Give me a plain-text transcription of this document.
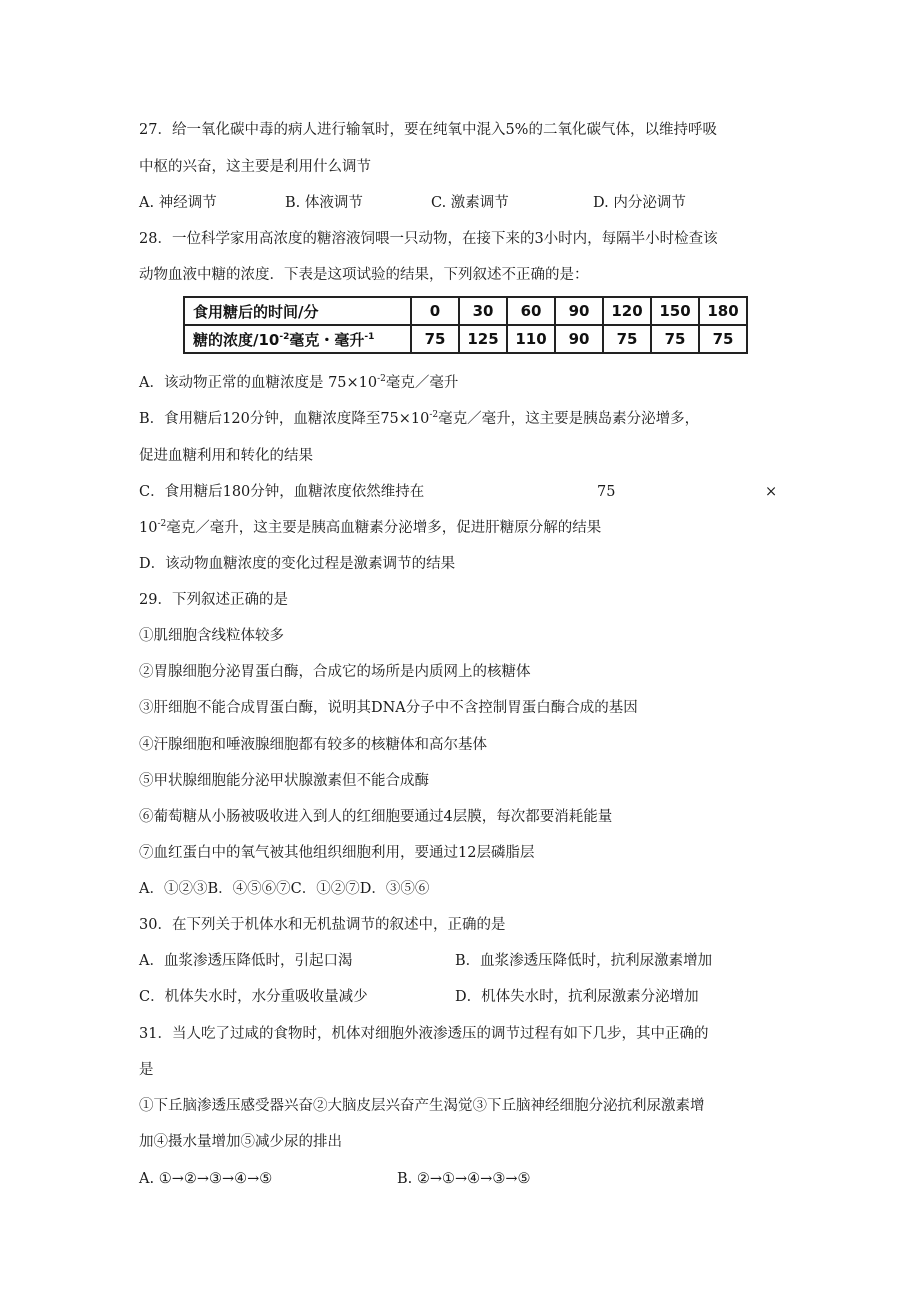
27．给一氧化碳中毒的病人进行输氧时，要在纯氧中混入5%的二氧化碳气体，以维持呼吸
中枢的兴奋，这主要是利用什么调节
A. 神经调节	B. 体液调节	C. 激素调节	D. 内分泌调节
28．一位科学家用高浓度的糖溶液饲喂一只动物，在接下来的3小时内，每隔半小时检查该
动物血液中糖的浓度．下表是这项试验的结果，下列叙述不正确的是：
食用糖后的时间/分	0	30	60	90	120	150	180
糖的浓度$/10^{-2}$毫克・毫升$^{-1}$	75	125	110	90	75	75	75
A．该动物正常的血糖浓度是 $75\times 10^{-2}$毫克／毫升
B．食用糖后120分钟，血糖浓度降至$75\times 10^{-2}$毫克／毫升，这主要是胰岛素分泌增多，
促进血糖利用和转化的结果
C．食用糖后180分钟，血糖浓度依然维持在	75	×
$10^{-2}$毫克／毫升，这主要是胰高血糖素分泌增多，促进肝糖原分解的结果
D．该动物血糖浓度的变化过程是激素调节的结果
29．下列叙述正确的是
①肌细胞含线粒体较多
②胃腺细胞分泌胃蛋白酶，合成它的场所是内质网上的核糖体
③肝细胞不能合成胃蛋白酶，说明其DNA分子中不含控制胃蛋白酶合成的基因
④汗腺细胞和唾液腺细胞都有较多的核糖体和高尔基体
⑤甲状腺细胞能分泌甲状腺激素但不能合成酶
⑥葡萄糖从小肠被吸收进入到人的红细胞要通过4层膜，每次都要消耗能量
⑦血红蛋白中的氧气被其他组织细胞利用，要通过12层磷脂层
A．①②③B．④⑤⑥⑦C．①②⑦D．③⑤⑥
30．在下列关于机体水和无机盐调节的叙述中，正确的是
A．血浆渗透压降低时，引起口渴	B．血浆渗透压降低时，抗利尿激素增加
C．机体失水时，水分重吸收量减少	D．机体失水时，抗利尿激素分泌增加
31．当人吃了过咸的食物时，机体对细胞外液渗透压的调节过程有如下几步，其中正确的
是
①下丘脑渗透压感受器兴奋②大脑皮层兴奋产生渴觉③下丘脑神经细胞分泌抗利尿激素增
加④摄水量增加⑤减少尿的排出
A. ①→②→③→④→⑤	B. ②→①→④→③→⑤
